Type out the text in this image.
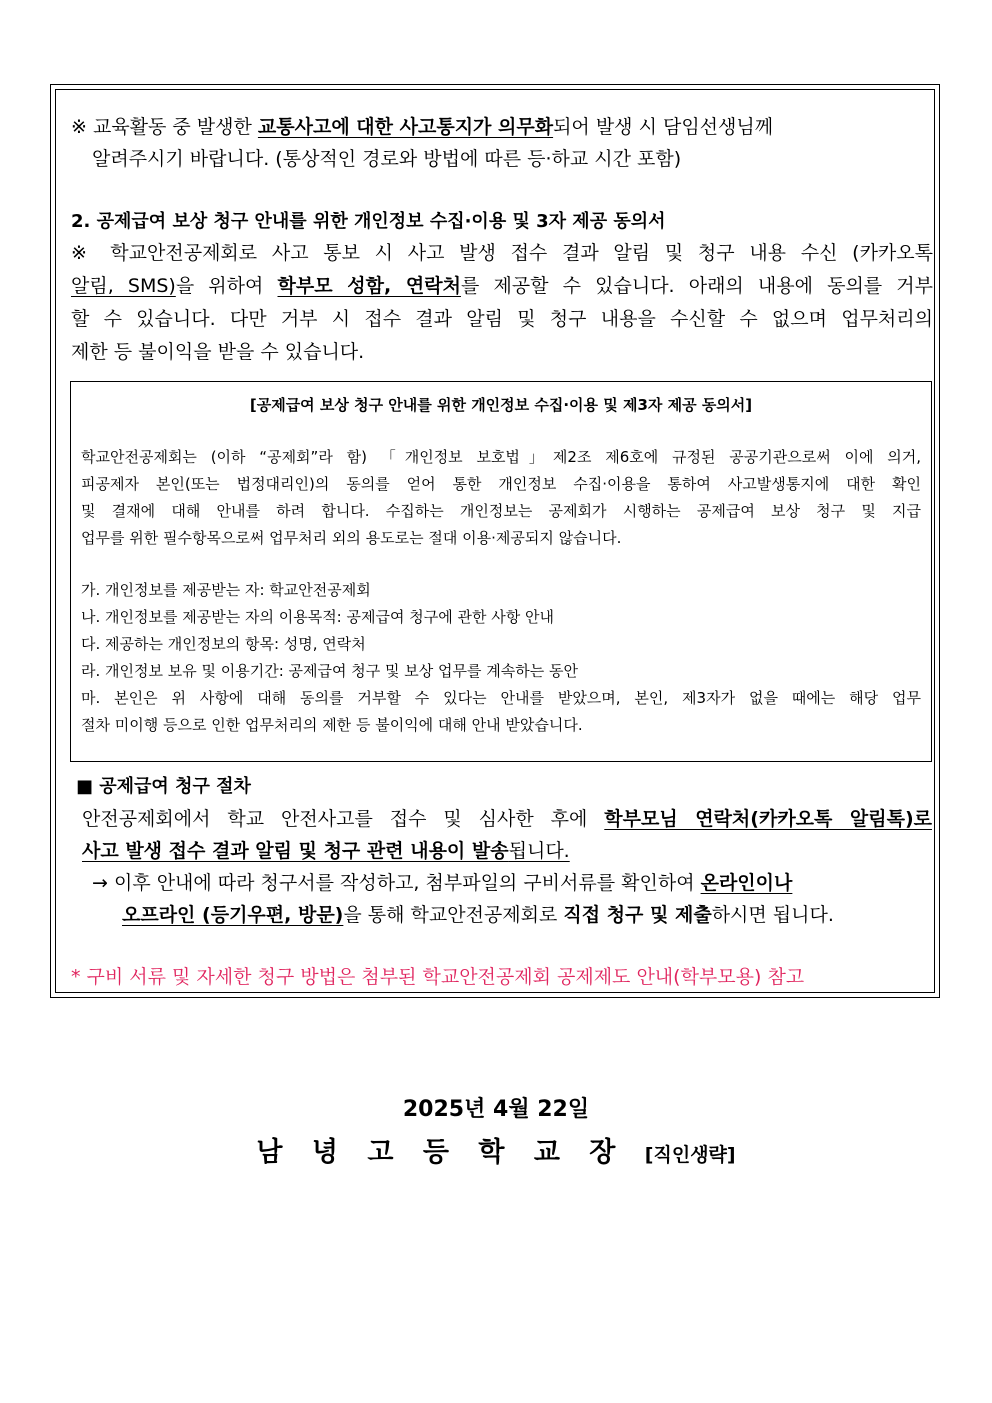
※ 교육활동 중 발생한 교통사고에 대한 사고통지가 의무화되어 발생 시 담임선생님께
알려주시기 바랍니다. (통상적인 경로와 방법에 따른 등·하교 시간 포함)
2. 공제급여 보상 청구 안내를 위한 개인정보 수집·이용 및 3자 제공 동의서
※ 학교안전공제회로 사고 통보 시 사고 발생 접수 결과 알림 및 청구 내용 수신 (카카오톡
알림, SMS)을 위하여 학부모 성함, 연락처를 제공할 수 있습니다. 아래의 내용에 동의를 거부
할 수 있습니다. 다만 거부 시 접수 결과 알림 및 청구 내용을 수신할 수 없으며 업무처리의
제한 등 불이익을 받을 수 있습니다.
[공제급여 보상 청구 안내를 위한 개인정보 수집·이용 및 제3자 제공 동의서]
학교안전공제회는 (이하 “공제회”라 함) 「개인정보 보호법」제2조 제6호에 규정된 공공기관으로써 이에 의거,
피공제자 본인(또는 법정대리인)의 동의를 얻어 통한 개인정보 수집·이용을 통하여 사고발생통지에 대한 확인
및 결재에 대해 안내를 하려 합니다. 수집하는 개인정보는 공제회가 시행하는 공제급여 보상 청구 및 지급
업무를 위한 필수항목으로써 업무처리 외의 용도로는 절대 이용·제공되지 않습니다.
가. 개인정보를 제공받는 자: 학교안전공제회
나. 개인정보를 제공받는 자의 이용목적: 공제급여 청구에 관한 사항 안내
다. 제공하는 개인정보의 항목: 성명, 연락처
라. 개인정보 보유 및 이용기간: 공제급여 청구 및 보상 업무를 계속하는 동안
마. 본인은 위 사항에 대해 동의를 거부할 수 있다는 안내를 받았으며, 본인, 제3자가 없을 때에는 해당 업무
절차 미이행 등으로 인한 업무처리의 제한 등 불이익에 대해 안내 받았습니다.
■ 공제급여 청구 절차
안전공제회에서 학교 안전사고를 접수 및 심사한 후에 학부모님 연락처(카카오톡 알림톡)로
사고 발생 접수 결과 알림 및 청구 관련 내용이 발송됩니다.
→ 이후 안내에 따라 청구서를 작성하고, 첨부파일의 구비서류를 확인하여 온라인이나
오프라인 (등기우편, 방문)을 통해 학교안전공제회로 직접 청구 및 제출하시면 됩니다.
* 구비 서류 및 자세한 청구 방법은 첨부된 학교안전공제회 공제제도 안내(학부모용) 참고
2025년 4월 22일
남 녕 고 등 학 교 장 [직인생략]
